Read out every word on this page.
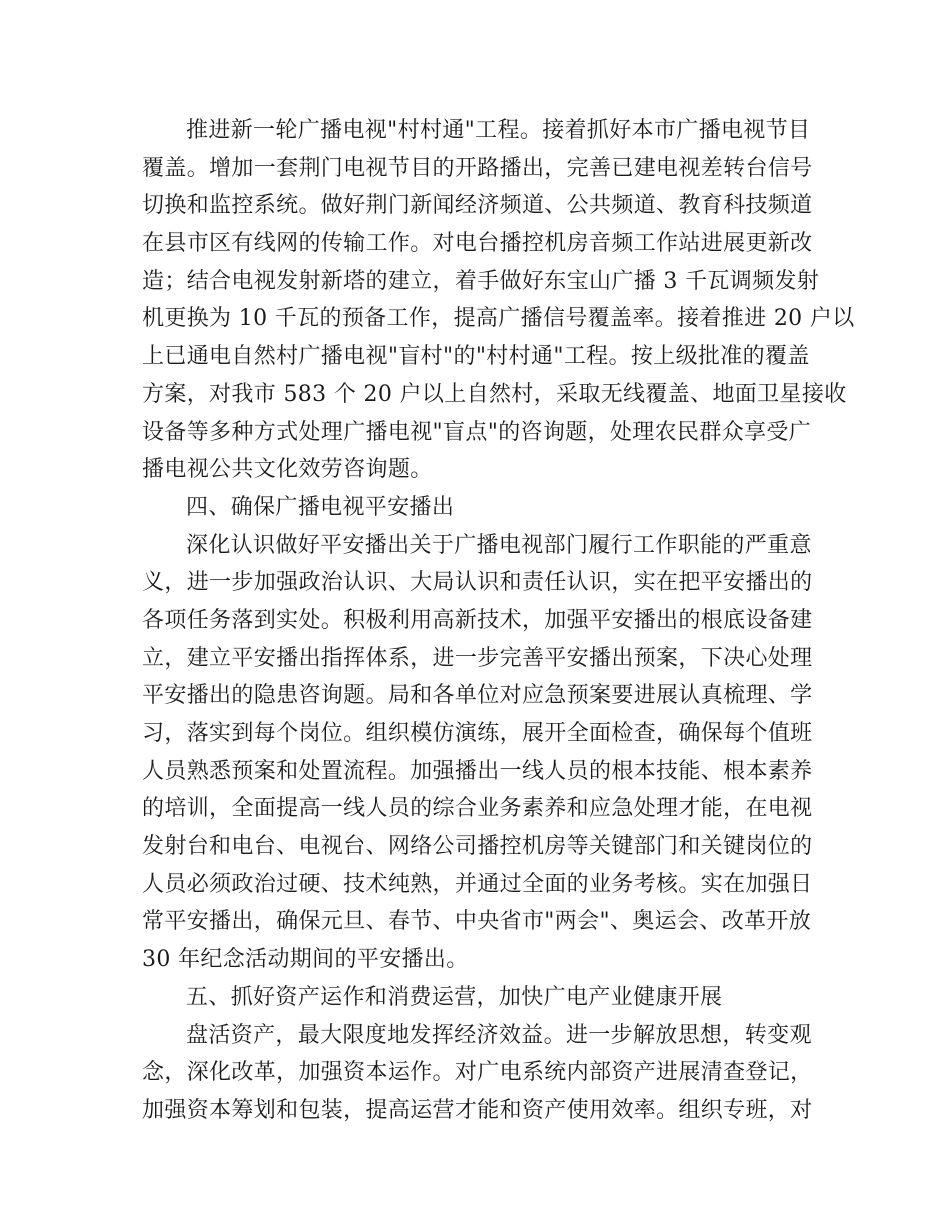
推进新一轮广播电视"村村通"工程。接着抓好本市广播电视节目
覆盖。增加一套荆门电视节目的开路播出，完善已建电视差转台信号
切换和监控系统。做好荆门新闻经济频道、公共频道、教育科技频道
在县市区有线网的传输工作。对电台播控机房音频工作站进展更新改
造；结合电视发射新塔的建立，着手做好东宝山广播 3 千瓦调频发射
机更换为 10 千瓦的预备工作，提高广播信号覆盖率。接着推进 20 户以
上已通电自然村广播电视"盲村"的"村村通"工程。按上级批准的覆盖
方案，对我市 583 个 20 户以上自然村，采取无线覆盖、地面卫星接收
设备等多种方式处理广播电视"盲点"的咨询题，处理农民群众享受广
播电视公共文化效劳咨询题。
四、确保广播电视平安播出
深化认识做好平安播出关于广播电视部门履行工作职能的严重意
义，进一步加强政治认识、大局认识和责任认识，实在把平安播出的
各项任务落到实处。积极利用高新技术，加强平安播出的根底设备建
立，建立平安播出指挥体系，进一步完善平安播出预案，下决心处理
平安播出的隐患咨询题。局和各单位对应急预案要进展认真梳理、学
习，落实到每个岗位。组织模仿演练，展开全面检查，确保每个值班
人员熟悉预案和处置流程。加强播出一线人员的根本技能、根本素养
的培训，全面提高一线人员的综合业务素养和应急处理才能，在电视
发射台和电台、电视台、网络公司播控机房等关键部门和关键岗位的
人员必须政治过硬、技术纯熟，并通过全面的业务考核。实在加强日
常平安播出，确保元旦、春节、中央省市"两会"、奥运会、改革开放
30 年纪念活动期间的平安播出。
五、抓好资产运作和消费运营，加快广电产业健康开展
盘活资产，最大限度地发挥经济效益。进一步解放思想，转变观
念，深化改革，加强资本运作。对广电系统内部资产进展清查登记，
加强资本筹划和包装，提高运营才能和资产使用效率。组织专班，对
